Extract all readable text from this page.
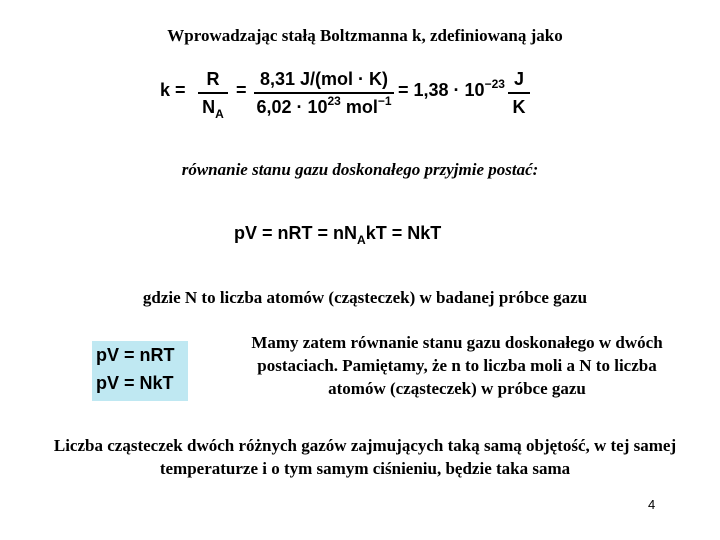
Wprowadzając stałą Boltzmanna k, zdefiniowaną jako
k =
R
$N_A$
=
8,31 J/(mol · K)
$6,02 \cdot 10^{23}$ mol$^{-1}$
= $1,38 \cdot 10^{-23}$ J
K
równanie stanu gazu doskonałego przyjmie postać:
pV = nRT = $nN_AkT$ = NkT
gdzie N to liczba atomów (cząsteczek) w badanej próbce gazu
pV = nRT
pV = NkT
Mamy zatem równanie stanu gazu doskonałego w dwóch postaciach. Pamiętamy, że n to liczba moli a N to liczba atomów (cząsteczek) w próbce gazu
Liczba cząsteczek dwóch różnych gazów zajmujących taką samą objętość, w tej samej temperaturze i o tym samym ciśnieniu, będzie taka sama
4
